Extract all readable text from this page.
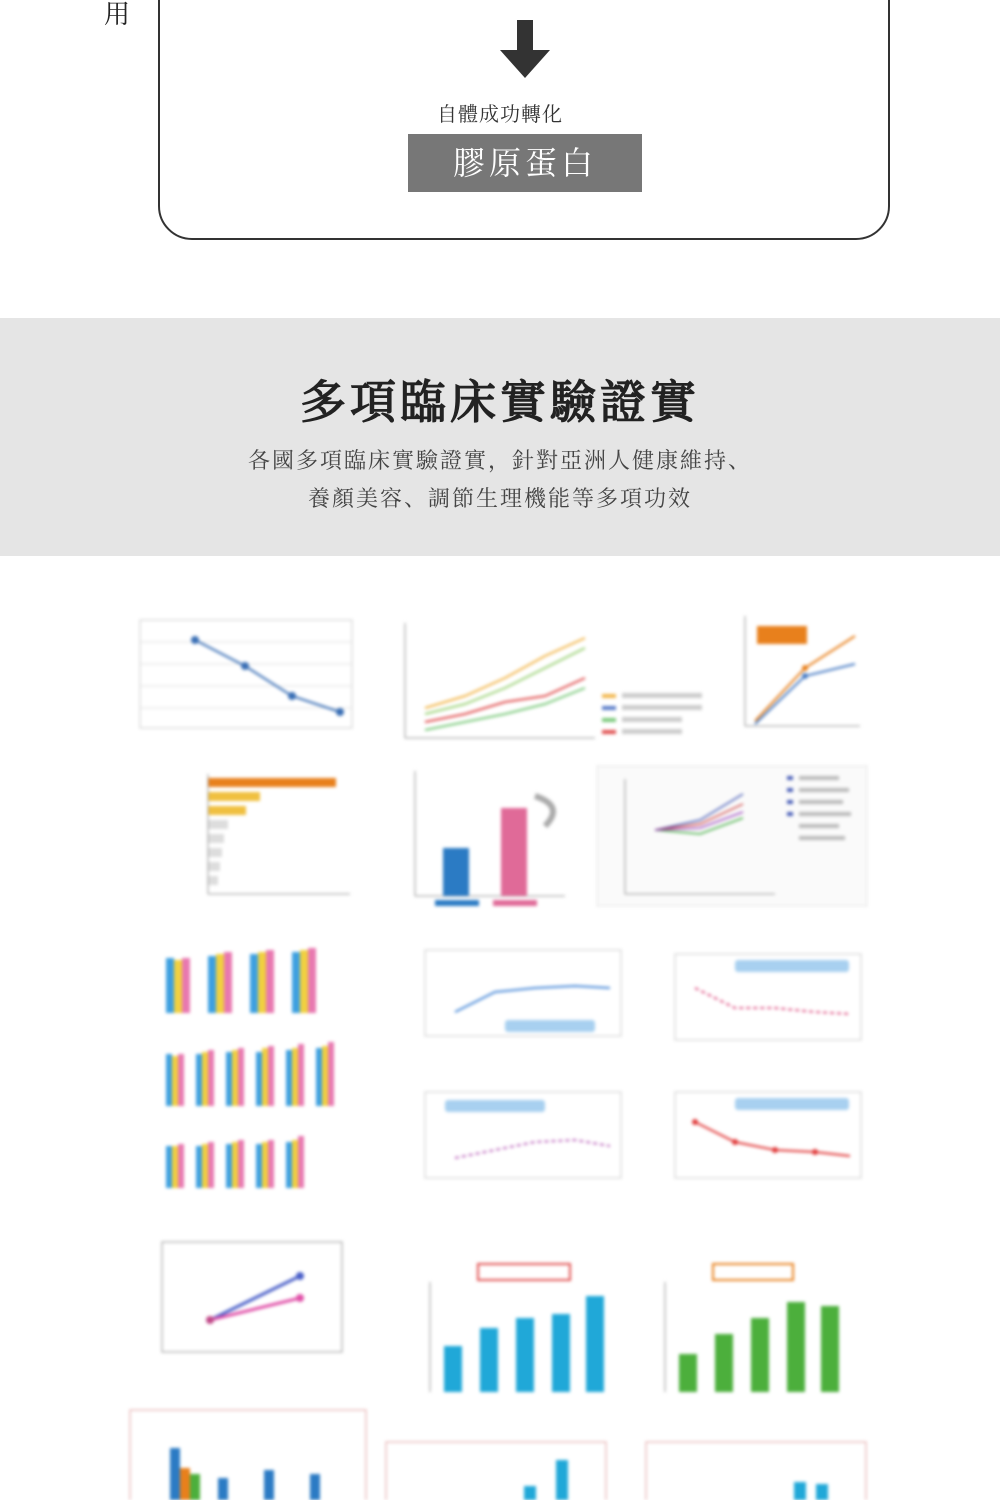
用
自體成功轉化
膠原蛋白
多項臨床實驗證實
各國多項臨床實驗證實，針對亞洲人健康維持、
養顏美容、調節生理機能等多項功效
